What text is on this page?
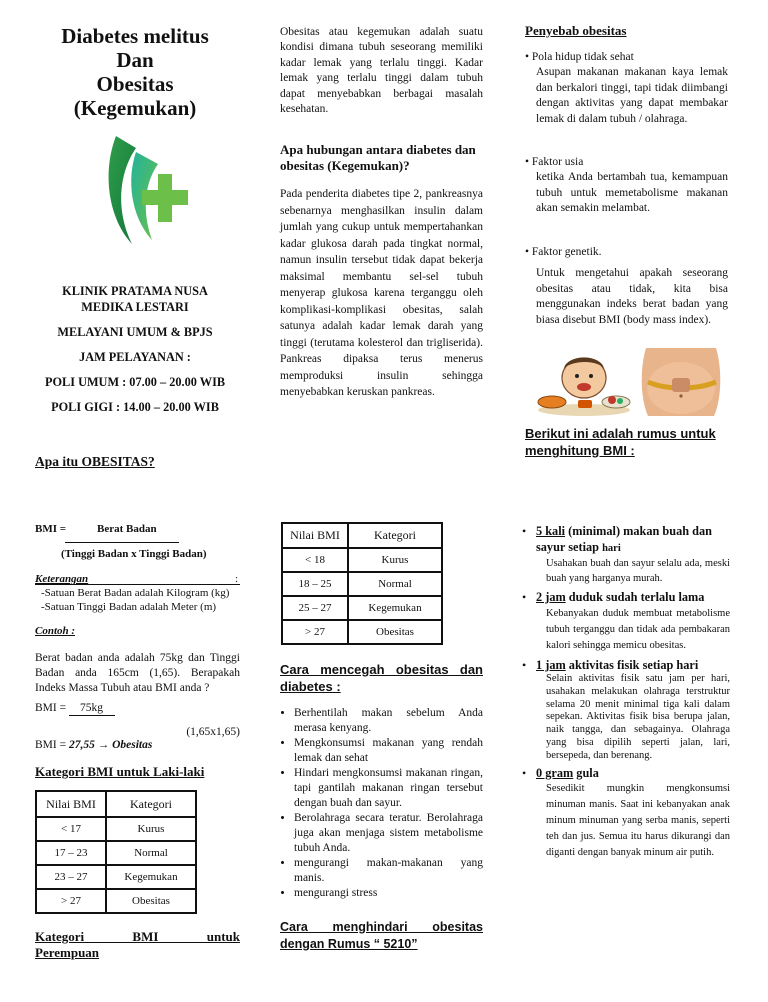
Diabetes melitus
Dan
Obesitas
(Kegemukan)
KLINIK PRATAMA NUSA
MEDIKA LESTARI
MELAYANI UMUM & BPJS
JAM PELAYANAN :
POLI UMUM : 07.00 – 20.00 WIB
POLI GIGI : 14.00 – 20.00 WIB
Apa itu OBESITAS?
BMI =	Berat Badan
(Tinggi Badan x Tinggi Badan)
Keterangan	:
-Satuan Berat Badan adalah Kilogram (kg)
-Satuan Tinggi Badan adalah Meter (m)
Contoh :
Berat badan anda adalah 75kg dan Tinggi Badan anda 165cm (1,65). Berapakah Indeks Massa Tubuh atau BMI anda ?
BMI = 75kg
(1,65x1,65)
BMI = 27,55 → Obesitas
Kategori BMI untuk Laki-laki
Nilai BMI	Kategori
< 17	Kurus
17 – 23	Normal
23 – 27	Kegemukan
> 27	Obesitas
Kategori BMI untuk
Perempuan
Obesitas atau kegemukan adalah suatu kondisi dimana tubuh seseorang memiliki kadar lemak yang terlalu tinggi. Kadar lemak yang terlalu tinggi dalam tubuh dapat menyebabkan berbagai masalah kesehatan.
Apa hubungan antara diabetes dan obesitas (Kegemukan)?
Pada penderita diabetes tipe 2, pankreasnya sebenarnya menghasilkan insulin dalam jumlah yang cukup untuk mempertahankan kadar glukosa darah pada tingkat normal, namun insulin tersebut tidak dapat bekerja maksimal membantu sel-sel tubuh menyerap glukosa karena terganggu oleh komplikasi-komplikasi obesitas, salah satunya adalah kadar lemak darah yang tinggi (terutama kolesterol dan trigliserida). Pankreas dipaksa terus menerus memproduksi insulin sehingga menyebabkan keruskan pankreas.
Nilai BMI	Kategori
< 18	Kurus
18 – 25	Normal
25 – 27	Kegemukan
> 27	Obesitas
Cara mencegah obesitas dan diabetes :
• Berhentilah makan sebelum Anda merasa kenyang.
• Mengkonsumsi makanan yang rendah lemak dan sehat
• Hindari mengkonsumsi makanan ringan, tapi gantilah makanan ringan tersebut dengan buah dan sayur.
• Berolahraga secara teratur. Berolahraga juga akan menjaga sistem metabolisme tubuh Anda.
• mengurangi makan-makanan yang manis.
• mengurangi stress
Cara menghindari obesitas dengan Rumus “ 5210”
Penyebab obesitas
• Pola hidup tidak sehat
Asupan makanan makanan kaya lemak dan berkalori tinggi, tapi tidak diimbangi dengan aktivitas yang dapat membakar lemak di dalam tubuh / olahraga.
• Faktor usia
ketika Anda bertambah tua, kemampuan tubuh untuk memetabolisme makanan akan semakin melambat.
• Faktor genetik.
Untuk mengetahui apakah seseorang obesitas atau tidak, kita bisa menggunakan indeks berat badan yang biasa disebut BMI (body mass index).
Berikut ini adalah rumus untuk menghitung BMI :
• 5 kali (minimal) makan buah dan sayur setiap hari
Usahakan buah dan sayur selalu ada, meski buah yang harganya murah.
• 2 jam duduk sudah terlalu lama
Kebanyakan duduk membuat metabolisme tubuh terganggu dan tidak ada pembakaran kalori sehingga memicu obesitas.
• 1 jam aktivitas fisik setiap hari
Selain aktivitas fisik satu jam per hari, usahakan melakukan olahraga terstruktur selama 20 menit minimal tiga kali dalam sepekan. Aktivitas fisik bisa berupa jalan, naik tangga, dan sebagainya. Olahraga yang bisa dipilih seperti jalan, lari, bersepeda, dan berenang.
• 0 gram gula
Sesedikit mungkin mengkonsumsi minuman manis. Saat ini kebanyakan anak minum minuman yang serba manis, seperti teh dan jus. Semua itu harus dikurangi dan diganti dengan banyak minum air putih.
